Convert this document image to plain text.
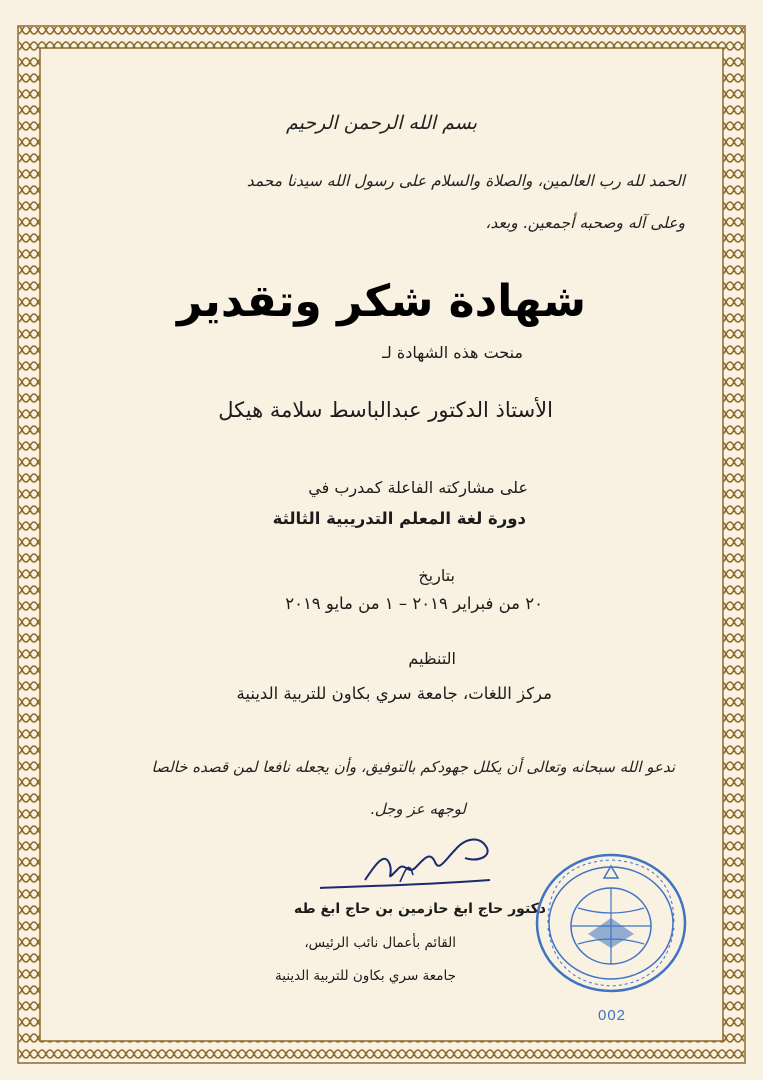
بسم الله الرحمن الرحيم
الحمد لله رب العالمين، والصلاة والسلام على رسول الله سيدنا محمد
وعلى آله وصحبه أجمعين. وبعد،
شهادة شكر وتقدير
منحت هذه الشهادة لـ
الأستاذ الدكتور عبدالباسط سلامة هيكل
على مشاركته الفاعلة كمدرب في
دورة لغة المعلم التدريبية الثالثة
بتاريخ
٢٠ من فبراير ٢٠١٩ – ١ من مايو ٢٠١٩
التنظيم
مركز اللغات، جامعة سري بكاون للتربية الدينية
ندعو الله سبحانه وتعالى أن يكلل جهودكم بالتوفيق، وأن يجعله نافعا لمن قصده خالصا
لوجهه عز وجل.
دكتور حاج ابغ حازمين بن حاج ابغ طه
القائم بأعمال نائب الرئيس،
جامعة سري بكاون للتربية الدينية
002
